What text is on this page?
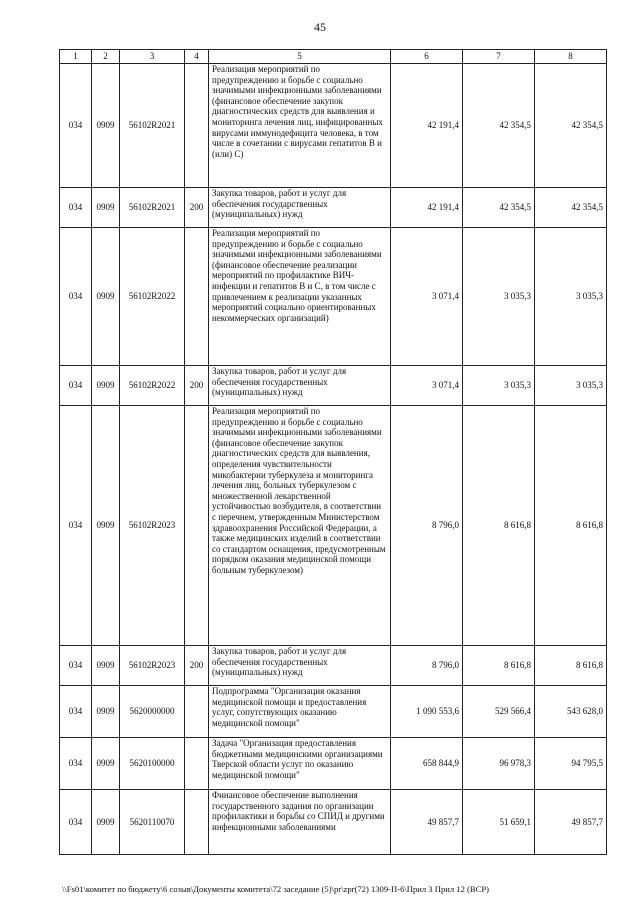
45
1	2	3	4	5	6	7	8
034	0909	56102R2021		Реализация мероприятий по предупреждению и борьбе с социально значимыми инфекционными заболеваниями (финансовое обеспечение закупок диагностических средств для выявления и мониторинга лечения лиц, инфицированных вирусами иммунодефицита человека, в том числе в сочетании с вирусами гепатитов В и (или) С)	42 191,4	42 354,5	42 354,5
034	0909	56102R2021	200	Закупка товаров, работ и услуг для обеспечения государственных (муниципальных) нужд	42 191,4	42 354,5	42 354,5
034	0909	56102R2022		Реализация мероприятий по предупреждению и борьбе с социально значимыми инфекционными заболеваниями (финансовое обеспечение реализации мероприятий по профилактике ВИЧ-инфекции и гепатитов В и С, в том числе с привлечением к реализации указанных мероприятий социально ориентированных некоммерческих организаций)	3 071,4	3 035,3	3 035,3
034	0909	56102R2022	200	Закупка товаров, работ и услуг для обеспечения государственных (муниципальных) нужд	3 071,4	3 035,3	3 035,3
034	0909	56102R2023		Реализация мероприятий по предупреждению и борьбе с социально значимыми инфекционными заболеваниями (финансовое обеспечение закупок диагностических средств для выявления, определения чувствительности микобактерии туберкулеза и мониторинга лечения лиц, больных туберкулезом с множественной лекарственной устойчивостью возбудителя, в соответствии с перечнем, утвержденным Министерством здравоохранения Российской Федерации, а также медицинских изделий в соответствии со стандартом оснащения, предусмотренным порядком оказания медицинской помощи больным туберкулезом)	8 796,0	8 616,8	8 616,8
034	0909	56102R2023	200	Закупка товаров, работ и услуг для обеспечения государственных (муниципальных) нужд	8 796,0	8 616,8	8 616,8
034	0909	5620000000		Подпрограмма "Организация оказания медицинской помощи и предоставления услуг, сопутствующих оказанию медицинской помощи"	1 090 553,6	529 566,4	543 628,0
034	0909	5620100000		Задача "Организация предоставления бюджетными медицинскими организациями Тверской области услуг по оказанию медицинской помощи"	658 844,9	96 978,3	94 795,5
034	0909	5620110070		Финансовое обеспечение выполнения государственного задания по организации профилактики и борьбы со СПИД и другими инфекционными заболеваниями	49 857,7	51 659,1	49 857,7
\\Fs01\комитет по бюджету\6 созыв\Документы комитета\72 заседание (5)\pr\zpr(72) 1309-П-6\Прил 3 Прил 12 (ВСР)
